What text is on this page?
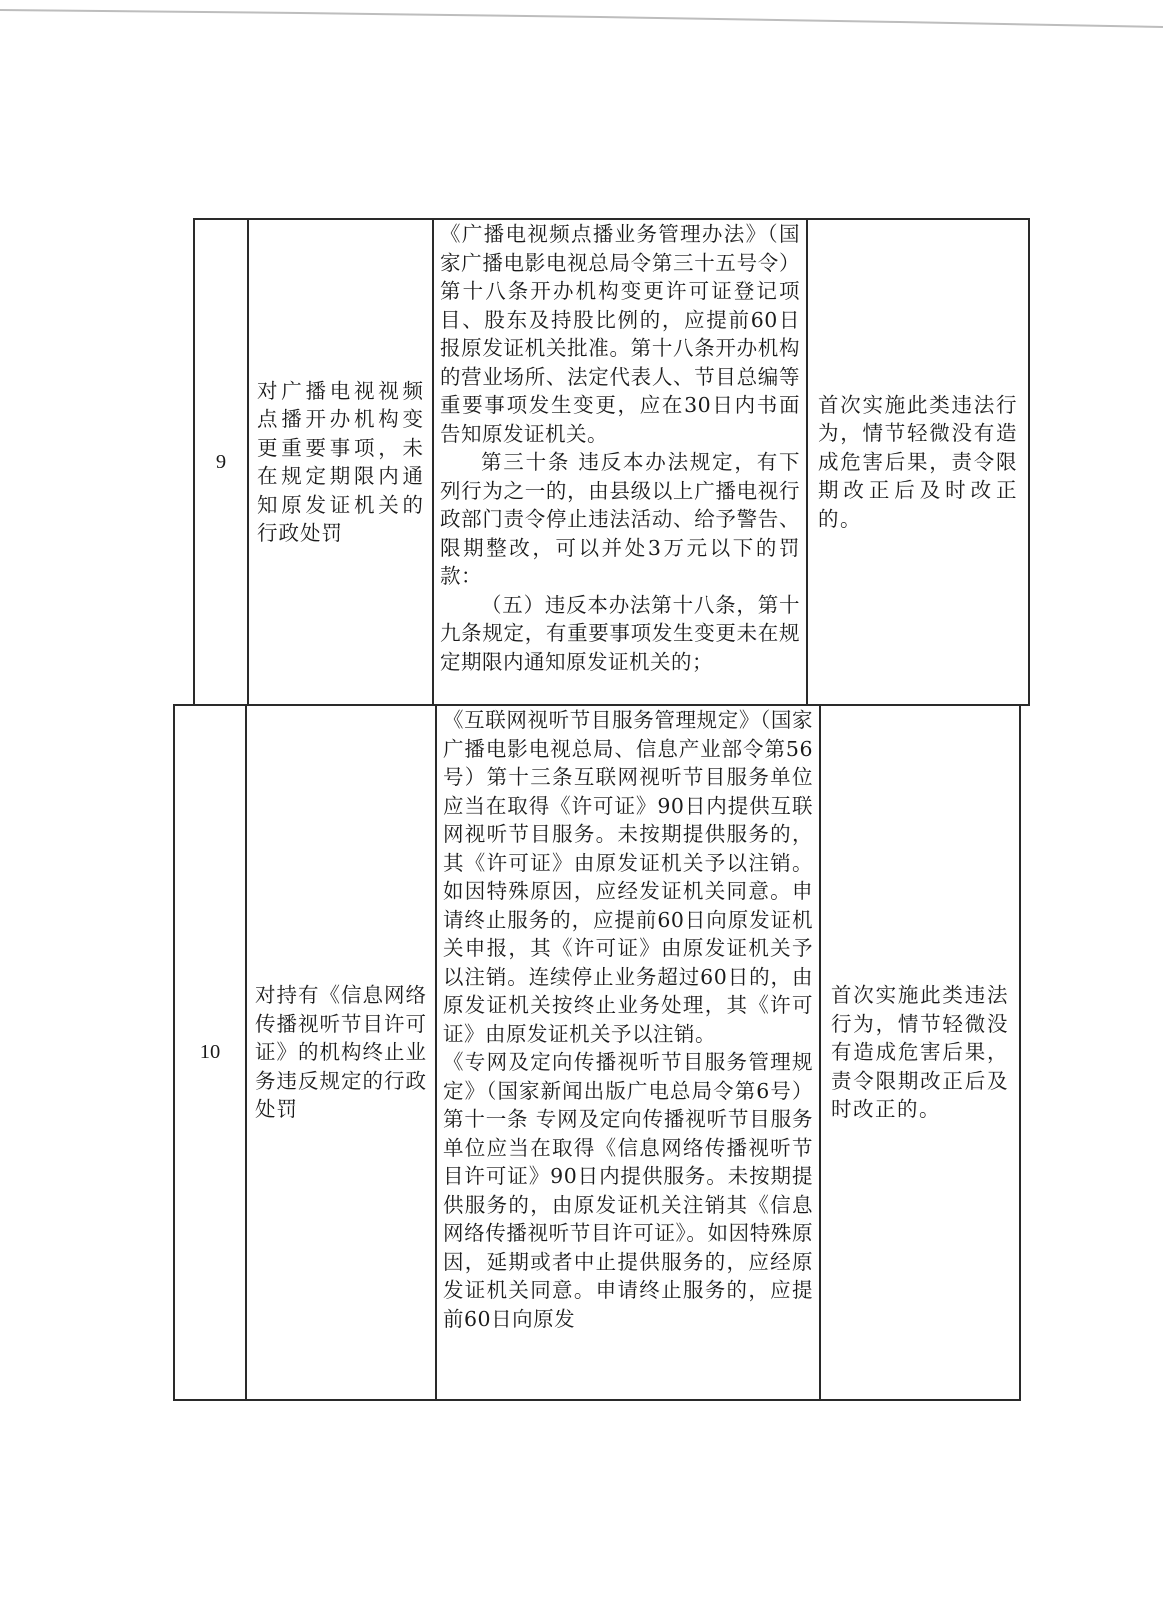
9	
对广播电视视频点播开办机构变更重要事项，未在规定期限内通知原发证机关的行政处罚

《广播电视频点播业务管理办法》（国家广播电影电视总局令第三十五号令）第十八条开办机构变更许可证登记项目、股东及持股比例的，应提前60日报原发证机关批准。第十八条开办机构的营业场所、法定代表人、节目总编等重要事项发生变更，应在30日内书面告知原发证机关。
第三十条 违反本办法规定，有下列行为之一的，由县级以上广播电视行政部门责令停止违法活动、给予警告、限期整改，可以并处3万元以下的罚款：
（五）违反本办法第十八条，第十九条规定，有重要事项发生变更未在规定期限内通知原发证机关的；

首次实施此类违法行为，情节轻微没有造成危害后果，责令限期改正后及时改正的。
10	
对持有《信息网络传播视听节目许可证》的机构终止业务违反规定的行政处罚

《互联网视听节目服务管理规定》（国家广播电影电视总局、信息产业部令第56号）第十三条互联网视听节目服务单位应当在取得《许可证》90日内提供互联网视听节目服务。未按期提供服务的，其《许可证》由原发证机关予以注销。如因特殊原因，应经发证机关同意。申请终止服务的，应提前60日向原发证机关申报，其《许可证》由原发证机关予以注销。连续停止业务超过60日的，由原发证机关按终止业务处理，其《许可证》由原发证机关予以注销。
《专网及定向传播视听节目服务管理规定》（国家新闻出版广电总局令第6号）第十一条 专网及定向传播视听节目服务单位应当在取得《信息网络传播视听节目许可证》90日内提供服务。未按期提供服务的，由原发证机关注销其《信息网络传播视听节目许可证》。如因特殊原因，延期或者中止提供服务的，应经原发证机关同意。申请终止服务的，应提前60日向原发

首次实施此类违法行为，情节轻微没有造成危害后果，责令限期改正后及时改正的。
